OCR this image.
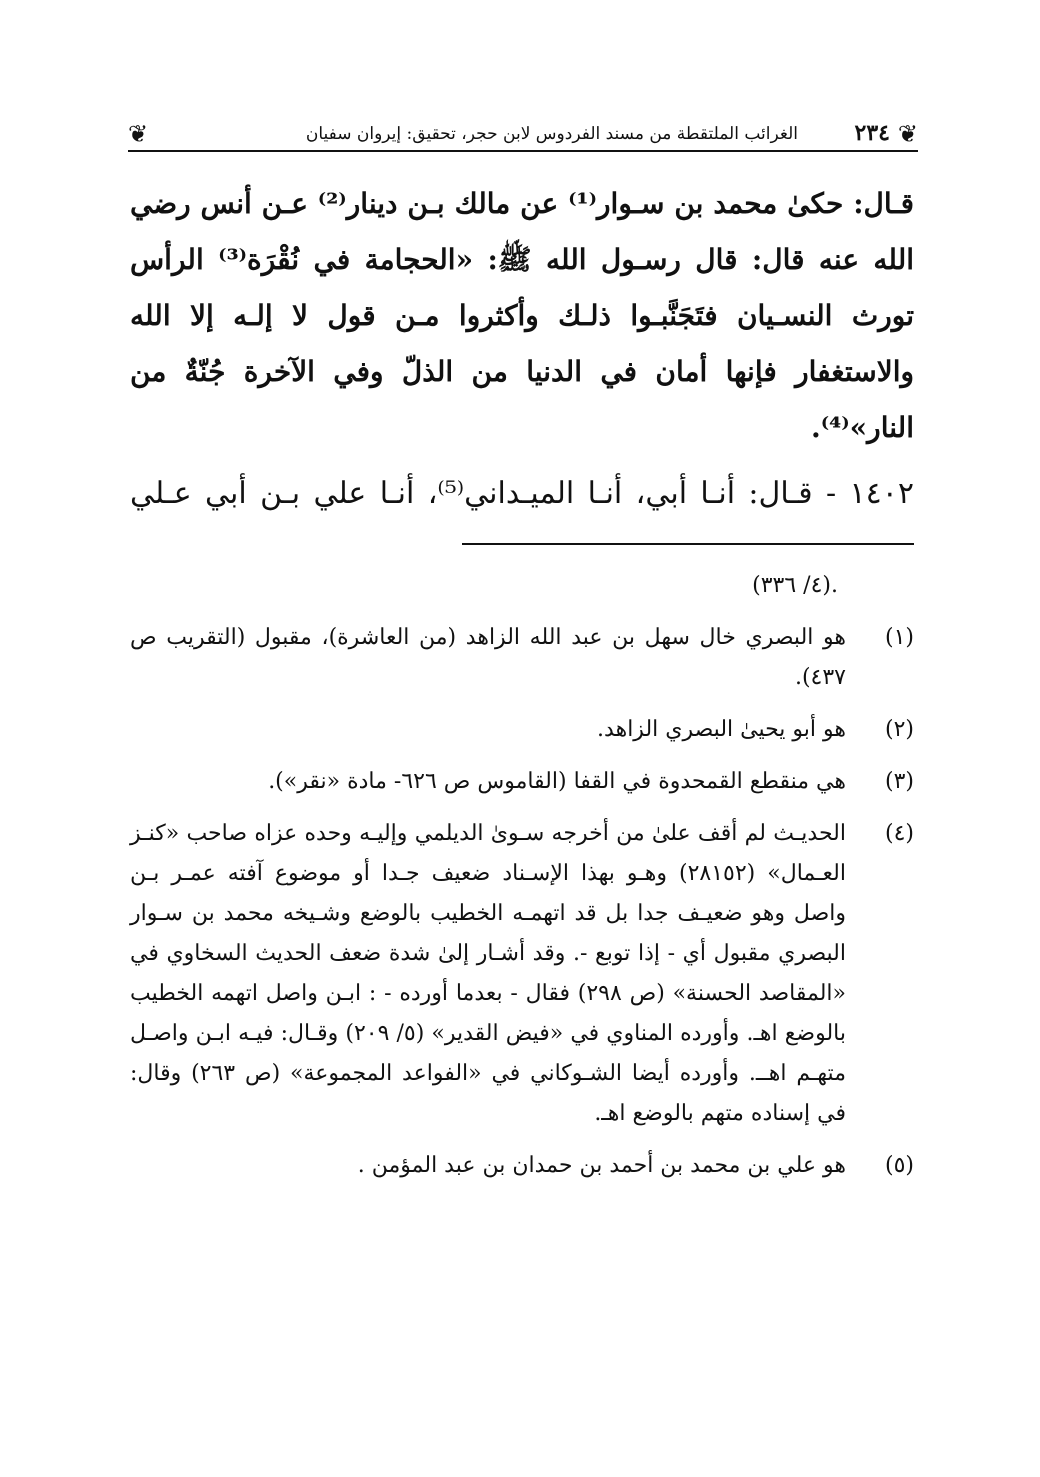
❦
٢٣٤
الغرائب الملتقطة من مسند الفردوس لابن حجر، تحقيق: إيروان سفيان
❦

قـال: حكىٰ محمد بن سـوار⁽¹⁾ عن مالك بـن دينار⁽²⁾ عـن أنس رضي الله عنه قال: قال رسـول الله ﷺ: «الحجامة في نُقْرَة⁽³⁾ الرأس تورث النسـيان فتَجَنَّبـوا ذلـك وأكثروا مـن قول لا إلـه إلا الله والاستغفار فإنها أمان في الدنيا من الذلّ وفي الآخرة جُنّةٌ من النار»⁽⁴⁾.

١٤٠٢ - قـال: أنـا أبي، أنـا الميـداني⁽⁵⁾، أنـا علي بـن أبي عـلي
.(٤/ ٣٣٦)
(١)
هو البصري خال سهل بن عبد الله الزاهد (من العاشرة)، مقبول (التقريب ص ٤٣٧).
(٢)
هو أبو يحيىٰ البصري الزاهد.
(٣)
هي منقطع القمحدوة في القفا (القاموس ص ٦٢٦- مادة «نقر»).
(٤)
الحديـث لم أقف علىٰ من أخرجه سـوىٰ الديلمي وإليـه وحده عزاه صاحب «كنـز العـمال» (٢٨١٥٢) وهـو بهذا الإسـناد ضعيف جـدا أو موضوع آفته عمـر بـن واصل وهو ضعيـف جدا بل قد اتهمـه الخطيب بالوضع وشـيخه محمد بن سـوار البصري مقبول أي - إذا توبع -. وقد أشـار إلىٰ شدة ضعف الحديث السخاوي في «المقاصد الحسنة» (ص ٢٩٨) فقال - بعدما أورده - : ابـن واصل اتهمه الخطيب بالوضع اهـ. وأورده المناوي في «فيض القدير» (٥/ ٢٠٩) وقـال: فيـه ابـن واصـل متهـم اهــ. وأورده أيضا الشـوكاني في «الفواعد المجموعة» (ص ٢٦٣) وقال: في إسناده متهم بالوضع اهـ.
(٥)
هو علي بن محمد بن أحمد بن حمدان بن عبد المؤمن .
